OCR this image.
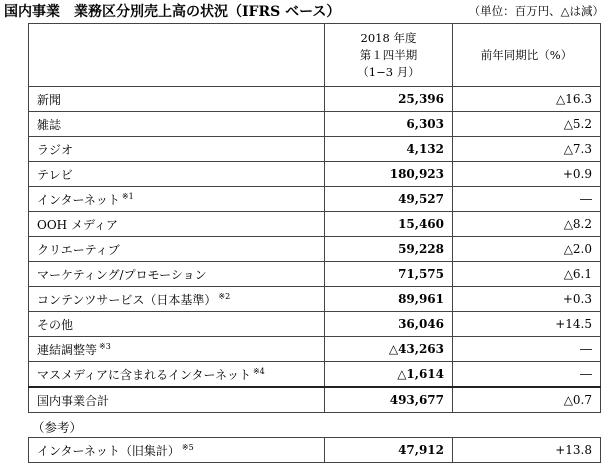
国内事業　業務区分別売上高の状況（IFRS ベース）	（単位：百万円、△は減）

	2018 年度
第１四半期
（1−3 月）	前年同期比（%）
新聞	25,396	△16.3
雑誌	6,303	△5.2
ラジオ	4,132	△7.3
テレビ	180,923	+0.9
インターネット $^{※1}$	49,527	―
OOH メディア	15,460	△8.2
クリエーティブ	59,228	△2.0
マーケティング/プロモーション	71,575	△6.1
コンテンツサービス（日本基準） $^{※2}$	89,961	+0.3
その他	36,046	+14.5
連結調整等 $^{※3}$	△43,263	―
マスメディアに含まれるインターネット $^{※4}$	△1,614	―
国内事業合計	493,677	△0.7
（参考）
インターネット（旧集計） $^{※5}$	47,912	+13.8
